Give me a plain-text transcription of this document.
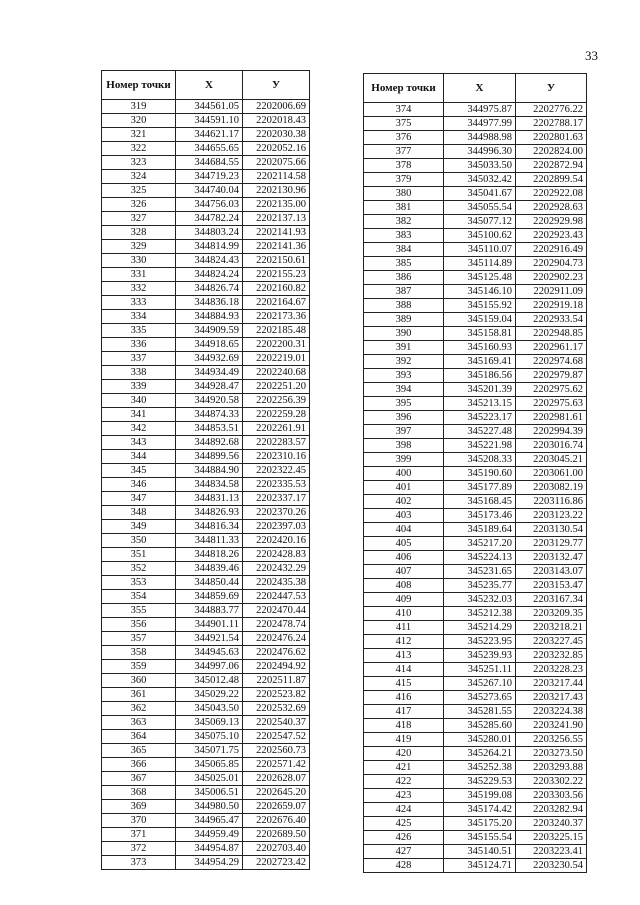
33
Номер точки	X	У
319	344561.05	2202006.69
320	344591.10	2202018.43
321	344621.17	2202030.38
322	344655.65	2202052.16
323	344684.55	2202075.66
324	344719.23	2202114.58
325	344740.04	2202130.96
326	344756.03	2202135.00
327	344782.24	2202137.13
328	344803.24	2202141.93
329	344814.99	2202141.36
330	344824.43	2202150.61
331	344824.24	2202155.23
332	344826.74	2202160.82
333	344836.18	2202164.67
334	344884.93	2202173.36
335	344909.59	2202185.48
336	344918.65	2202200.31
337	344932.69	2202219.01
338	344934.49	2202240.68
339	344928.47	2202251.20
340	344920.58	2202256.39
341	344874.33	2202259.28
342	344853.51	2202261.91
343	344892.68	2202283.57
344	344899.56	2202310.16
345	344884.90	2202322.45
346	344834.58	2202335.53
347	344831.13	2202337.17
348	344826.93	2202370.26
349	344816.34	2202397.03
350	344811.33	2202420.16
351	344818.26	2202428.83
352	344839.46	2202432.29
353	344850.44	2202435.38
354	344859.69	2202447.53
355	344883.77	2202470.44
356	344901.11	2202478.74
357	344921.54	2202476.24
358	344945.63	2202476.62
359	344997.06	2202494.92
360	345012.48	2202511.87
361	345029.22	2202523.82
362	345043.50	2202532.69
363	345069.13	2202540.37
364	345075.10	2202547.52
365	345071.75	2202560.73
366	345065.85	2202571.42
367	345025.01	2202628.07
368	345006.51	2202645.20
369	344980.50	2202659.07
370	344965.47	2202676.40
371	344959.49	2202689.50
372	344954.87	2202703.40
373	344954.29	2202723.42
Номер точки	X	У
374	344975.87	2202776.22
375	344977.99	2202788.17
376	344988.98	2202801.63
377	344996.30	2202824.00
378	345033.50	2202872.94
379	345032.42	2202899.54
380	345041.67	2202922.08
381	345055.54	2202928.63
382	345077.12	2202929.98
383	345100.62	2202923.43
384	345110.07	2202916.49
385	345114.89	2202904.73
386	345125.48	2202902.23
387	345146.10	2202911.09
388	345155.92	2202919.18
389	345159.04	2202933.54
390	345158.81	2202948.85
391	345160.93	2202961.17
392	345169.41	2202974.68
393	345186.56	2202979.87
394	345201.39	2202975.62
395	345213.15	2202975.63
396	345223.17	2202981.61
397	345227.48	2202994.39
398	345221.98	2203016.74
399	345208.33	2203045.21
400	345190.60	2203061.00
401	345177.89	2203082.19
402	345168.45	2203116.86
403	345173.46	2203123.22
404	345189.64	2203130.54
405	345217.20	2203129.77
406	345224.13	2203132.47
407	345231.65	2203143.07
408	345235.77	2203153.47
409	345232.03	2203167.34
410	345212.38	2203209.35
411	345214.29	2203218.21
412	345223.95	2203227.45
413	345239.93	2203232.85
414	345251.11	2203228.23
415	345267.10	2203217.44
416	345273.65	2203217.43
417	345281.55	2203224.38
418	345285.60	2203241.90
419	345280.01	2203256.55
420	345264.21	2203273.50
421	345252.38	2203293.88
422	345229.53	2203302.22
423	345199.08	2203303.56
424	345174.42	2203282.94
425	345175.20	2203240.37
426	345155.54	2203225.15
427	345140.51	2203223.41
428	345124.71	2203230.54
